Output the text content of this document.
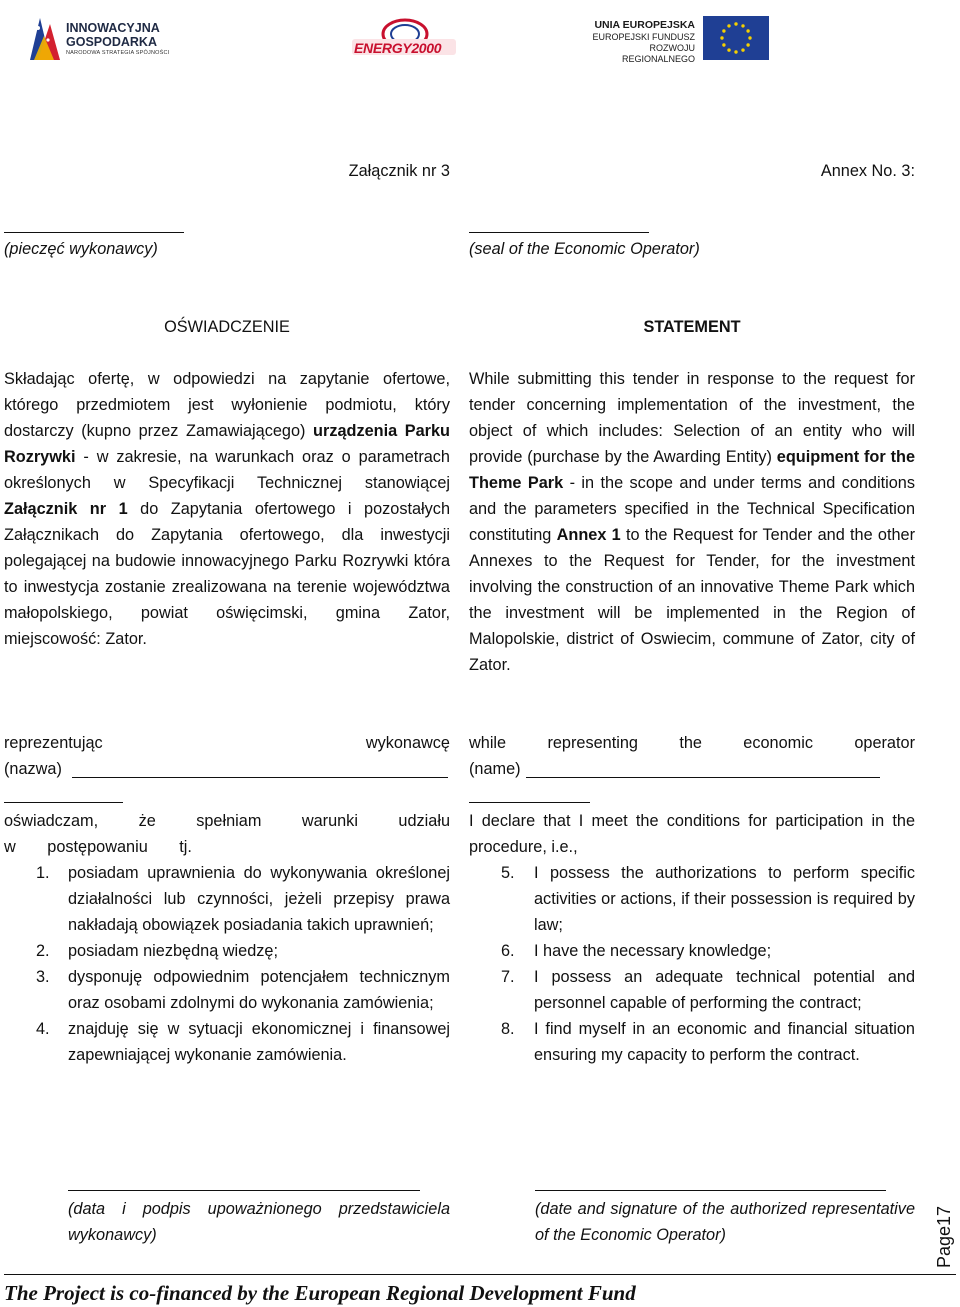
INNOWACYJNA
GOSPODARKA
NARODOWA STRATEGIA SPÓJNOŚCI	ENERGY2000
UNIA EUROPEJSKA
EUROPEJSKI FUNDUSZ
ROZWOJU REGIONALNEGO
Załącznik nr 3	Annex No. 3:
(pieczęć wykonawcy)	(seal of the Economic Operator)
OŚWIADCZENIE	STATEMENT
Składając ofertę, w odpowiedzi na zapytanie ofertowe, którego przedmiotem jest wyłonienie podmiotu, który dostarczy (kupno przez Zamawiającego) urządzenia Parku Rozrywki - w zakresie, na warunkach oraz o parametrach określonych w Specyfikacji Technicznej stanowiącej Załącznik nr 1 do Zapytania ofertowego i pozostałych Załącznikach do Zapytania ofertowego, dla inwestycji polegającej na budowie innowacyjnego Parku Rozrywki która to inwestycja zostanie zrealizowana na terenie województwa małopolskiego, powiat oświęcimski, gmina Zator, miejscowość: Zator.
While submitting this tender in response to the request for tender concerning implementation of the investment, the object of which includes: Selection of an entity who will provide (purchase by the Awarding Entity) equipment for the Theme Park - in the scope and under terms and conditions and the parameters specified in the Technical Specification constituting Annex 1 to the Request for Tender and the other Annexes to the Request for Tender, for the investment involving the construction of an innovative Theme Park which the investment will be implemented in the Region of Malopolskie, district of Oswiecim, commune of Zator, city of Zator.
reprezentując wykonawcę
(nazwa)
oświadczam, że spełniam warunki udziału w postępowaniu tj.
while representing the economic operator
(name)
I declare that I meet the conditions for participation in the procedure, i.e.,
1. posiadam uprawnienia do wykonywania określonej działalności lub czynności, jeżeli przepisy prawa nakładają obowiązek posiadania takich uprawnień;
2. posiadam niezbędną wiedzę;
3. dysponuję odpowiednim potencjałem technicznym oraz osobami zdolnymi do wykonania zamówienia;
4. znajduję się w sytuacji ekonomicznej i finansowej zapewniającej wykonanie zamówienia.
5. I possess the authorizations to perform specific activities or actions, if their possession is required by law;
6. I have the necessary knowledge;
7. I possess an adequate technical potential and personnel capable of performing the contract;
8. I find myself in an economic and financial situation ensuring my capacity to perform the contract.
(data i podpis upoważnionego przedstawiciela wykonawcy)
(date and signature of the authorized representative of the Economic Operator)	Page17
The Project is co-financed by the European Regional Development Fund
